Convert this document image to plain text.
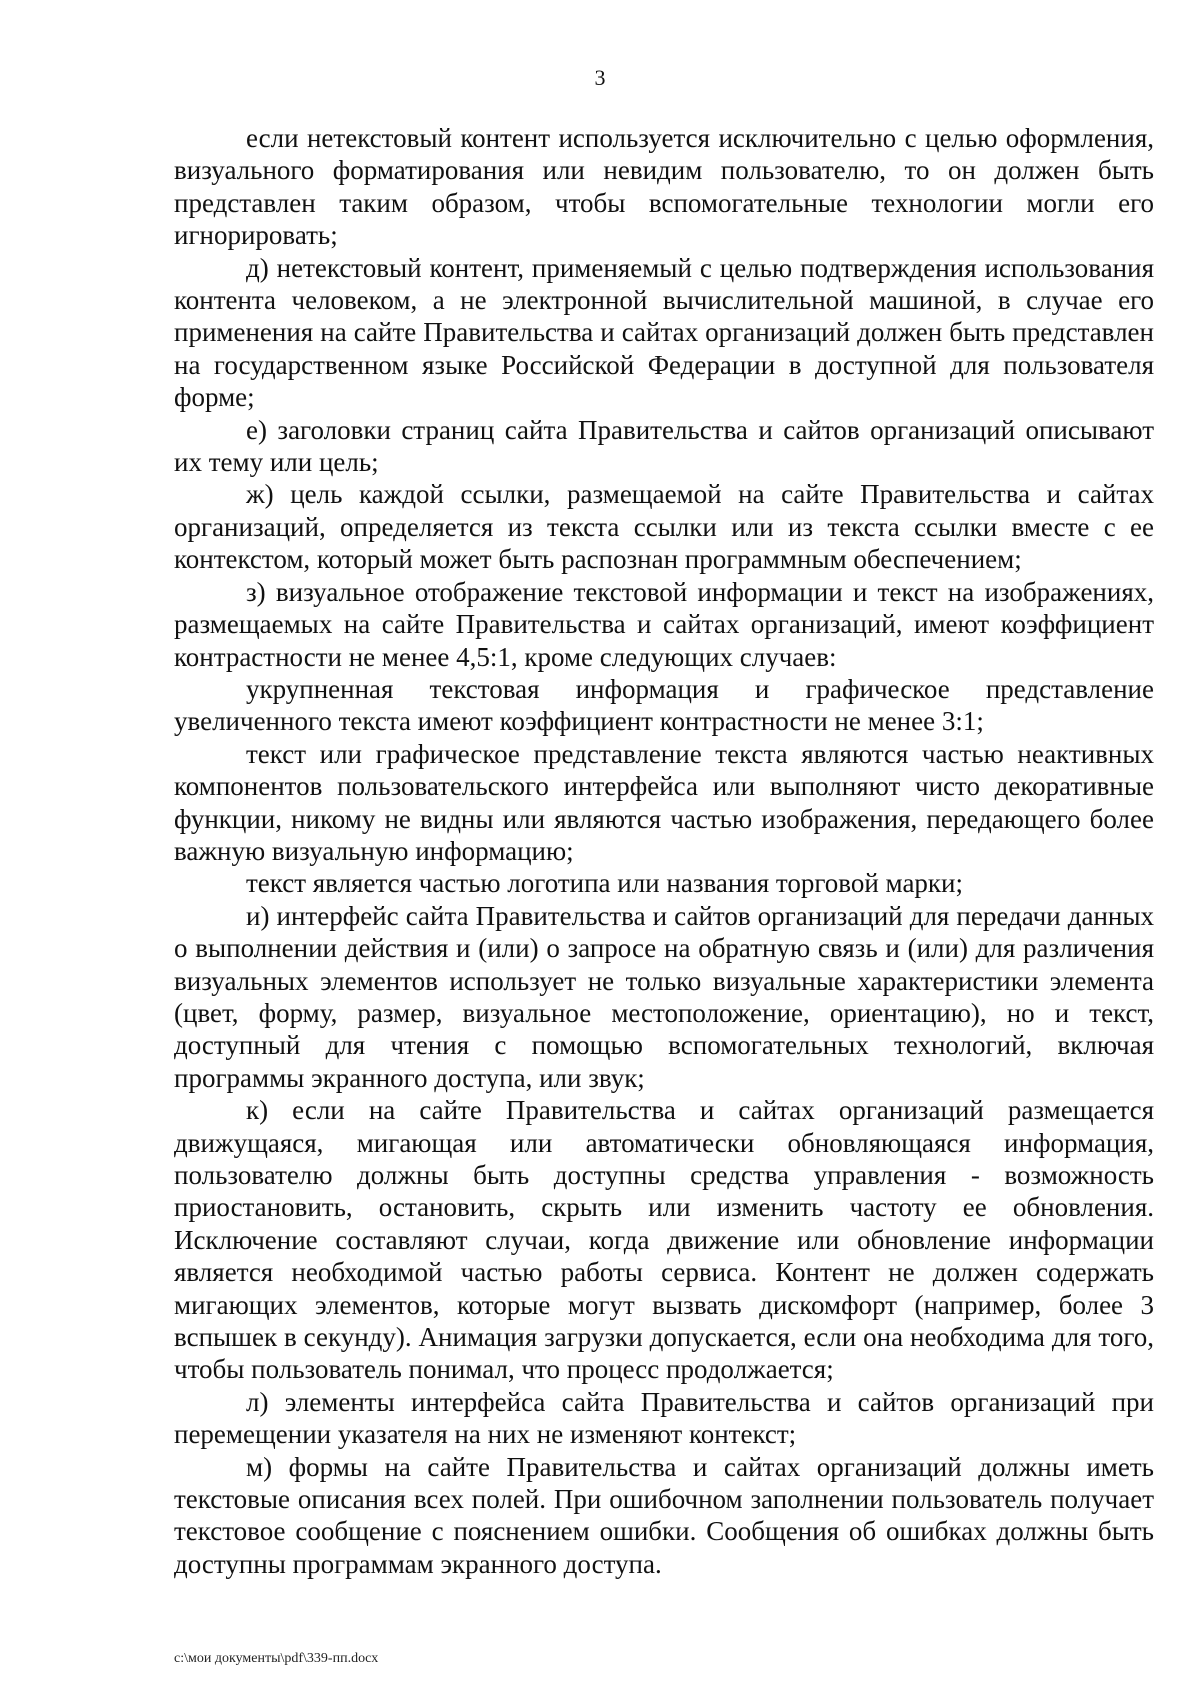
3

если нетекстовый контент используется исключительно с целью оформления, визуального форматирования или невидим пользователю, то он должен быть представлен таким образом, чтобы вспомогательные технологии могли его игнорировать;

д) нетекстовый контент, применяемый с целью подтверждения использования контента человеком, а не электронной вычислительной машиной, в случае его применения на сайте Правительства и сайтах организаций должен быть представлен на государственном языке Российской Федерации в доступной для пользователя форме;

е) заголовки страниц сайта Правительства и сайтов организаций описывают их тему или цель;

ж) цель каждой ссылки, размещаемой на сайте Правительства и сайтах организаций, определяется из текста ссылки или из текста ссылки вместе с ее контекстом, который может быть распознан программным обеспечением;

з) визуальное отображение текстовой информации и текст на изображениях, размещаемых на сайте Правительства и сайтах организаций, имеют коэффициент контрастности не менее 4,5:1, кроме следующих случаев:

укрупненная текстовая информация и графическое представление увеличенного текста имеют коэффициент контрастности не менее 3:1;

текст или графическое представление текста являются частью неактивных компонентов пользовательского интерфейса или выполняют чисто декоративные функции, никому не видны или являются частью изображения, передающего более важную визуальную информацию;

текст является частью логотипа или названия торговой марки;

и) интерфейс сайта Правительства и сайтов организаций для передачи данных о выполнении действия и (или) о запросе на обратную связь и (или) для различения визуальных элементов использует не только визуальные характеристики элемента (цвет, форму, размер, визуальное местоположение, ориентацию), но и текст, доступный для чтения с помощью вспомогательных технологий, включая программы экранного доступа, или звук;

к) если на сайте Правительства и сайтах организаций размещается движущаяся, мигающая или автоматически обновляющаяся информация, пользователю должны быть доступны средства управления - возможность приостановить, остановить, скрыть или изменить частоту ее обновления. Исключение составляют случаи, когда движение или обновление информации является необходимой частью работы сервиса. Контент не должен содержать мигающих элементов, которые могут вызвать дискомфорт (например, более 3 вспышек в секунду). Анимация загрузки допускается, если она необходима для того, чтобы пользователь понимал, что процесс продолжается;

л) элементы интерфейса сайта Правительства и сайтов организаций при перемещении указателя на них не изменяют контекст;

м) формы на сайте Правительства и сайтах организаций должны иметь текстовые описания всех полей. При ошибочном заполнении пользователь получает текстовое сообщение с пояснением ошибки. Сообщения об ошибках должны быть доступны программам экранного доступа.

c:\мои документы\pdf\339-пп.docx
